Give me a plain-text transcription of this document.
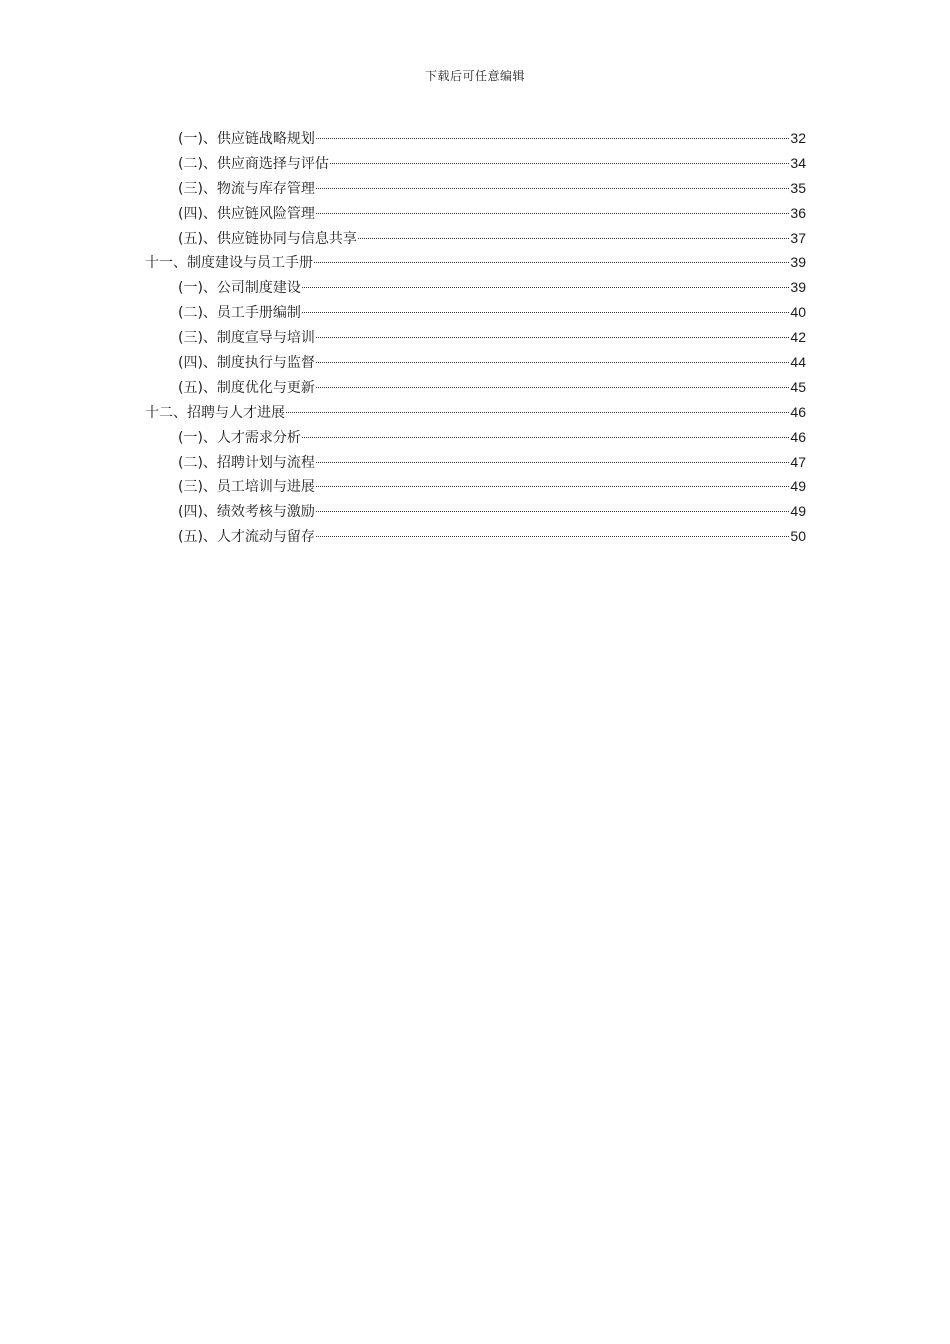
下载后可任意编辑
(一)、供应链战略规划	32
(二)、供应商选择与评估	34
(三)、物流与库存管理	35
(四)、供应链风险管理	36
(五)、供应链协同与信息共享	37
十一、制度建设与员工手册	39
(一)、公司制度建设	39
(二)、员工手册编制	40
(三)、制度宣导与培训	42
(四)、制度执行与监督	44
(五)、制度优化与更新	45
十二、招聘与人才进展	46
(一)、人才需求分析	46
(二)、招聘计划与流程	47
(三)、员工培训与进展	49
(四)、绩效考核与激励	49
(五)、人才流动与留存	50
